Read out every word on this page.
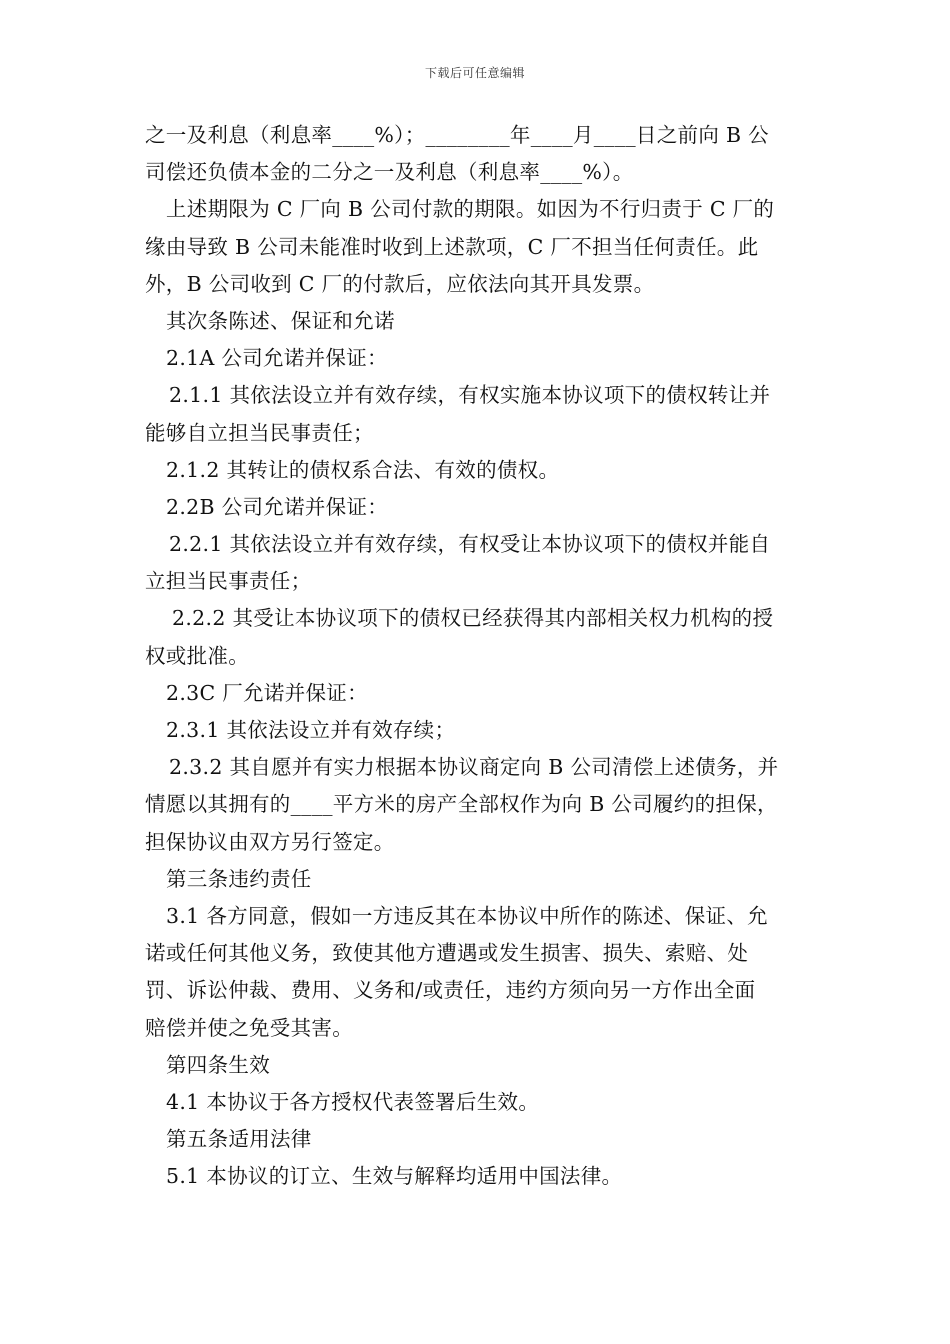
下载后可任意编辑
之一及利息（利息率____%）；________年____月____日之前向 B 公
司偿还负债本金的二分之一及利息（利息率____%）。
上述期限为 C 厂向 B 公司付款的期限。如因为不行归责于 C 厂的
缘由导致 B 公司未能准时收到上述款项，C 厂不担当任何责任。此
外，B 公司收到 C 厂的付款后，应依法向其开具发票。
其次条陈述、保证和允诺
2.1A 公司允诺并保证：
2.1.1 其依法设立并有效存续，有权实施本协议项下的债权转让并
能够自立担当民事责任；
2.1.2 其转让的债权系合法、有效的债权。
2.2B 公司允诺并保证：
2.2.1 其依法设立并有效存续，有权受让本协议项下的债权并能自
立担当民事责任；
2.2.2 其受让本协议项下的债权已经获得其内部相关权力机构的授
权或批准。
2.3C 厂允诺并保证：
2.3.1 其依法设立并有效存续；
2.3.2 其自愿并有实力根据本协议商定向 B 公司清偿上述债务，并
情愿以其拥有的____平方米的房产全部权作为向 B 公司履约的担保，
担保协议由双方另行签定。
第三条违约责任
3.1 各方同意，假如一方违反其在本协议中所作的陈述、保证、允
诺或任何其他义务，致使其他方遭遇或发生损害、损失、索赔、处
罚、诉讼仲裁、费用、义务和/或责任，违约方须向另一方作出全面
赔偿并使之免受其害。
第四条生效
4.1 本协议于各方授权代表签署后生效。
第五条适用法律
5.1 本协议的订立、生效与解释均适用中国法律。
